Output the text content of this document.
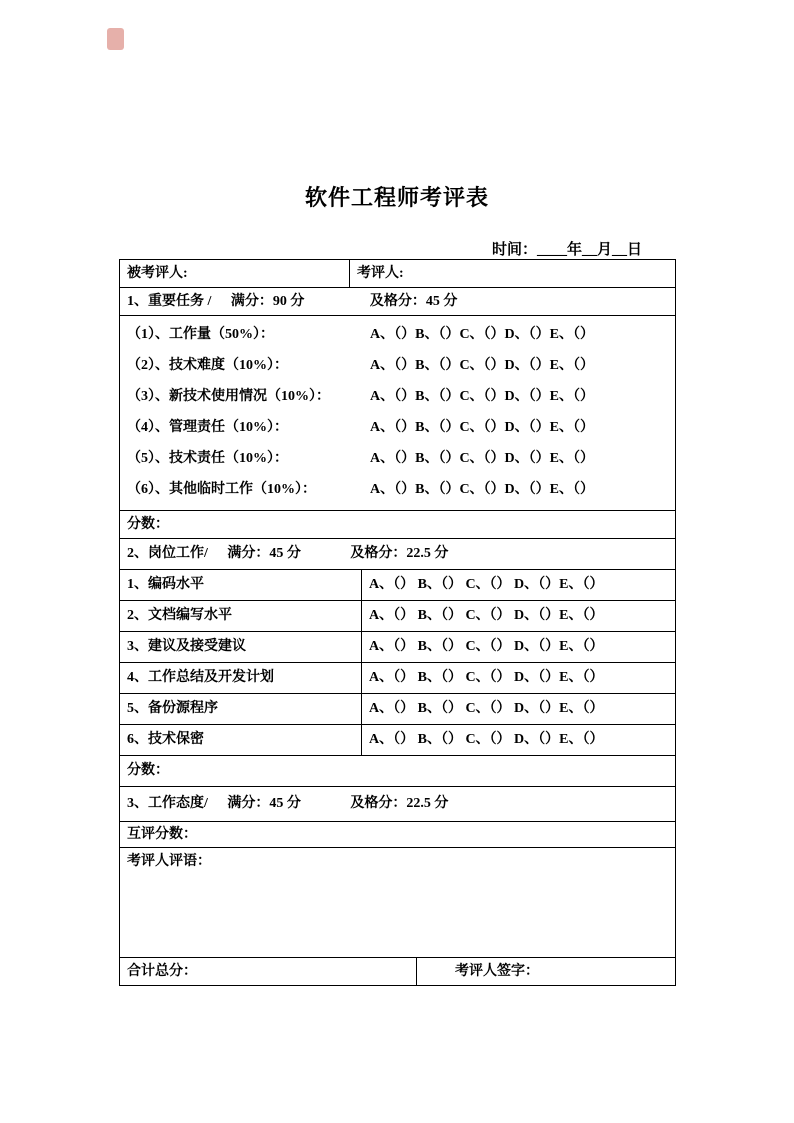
软件工程师考评表
时间：____年__月__日
被考评人:	考评人:
1、重要任务 / 满分：90 分	及格分：45 分
（1）、工作量（50%）：	A、（）B、（）C、（）D、（）E、（）
（2）、技术难度（10%）：	A、（）B、（）C、（）D、（）E、（）
（3）、新技术使用情况（10%）：	A、（）B、（）C、（）D、（）E、（）
（4）、管理责任（10%）：	A、（）B、（）C、（）D、（）E、（）
（5）、技术责任（10%）：	A、（）B、（）C、（）D、（）E、（）
（6）、其他临时工作（10%）：	A、（）B、（）C、（）D、（）E、（）
分数：
2、岗位工作/ 满分：45 分	及格分：22.5 分
1、编码水平	A、（） B、（） C、（） D、（）E、（）
2、文档编写水平	A、（） B、（） C、（） D、（）E、（）
3、建议及接受建议	A、（） B、（） C、（） D、（）E、（）
4、工作总结及开发计划	A、（） B、（） C、（） D、（）E、（）
5、备份源程序	A、（） B、（） C、（） D、（）E、（）
6、技术保密	A、（） B、（） C、（） D、（）E、（）
分数：
3、工作态度/ 满分：45 分	及格分：22.5 分
互评分数：
考评人评语：
合计总分：	考评人签字：
